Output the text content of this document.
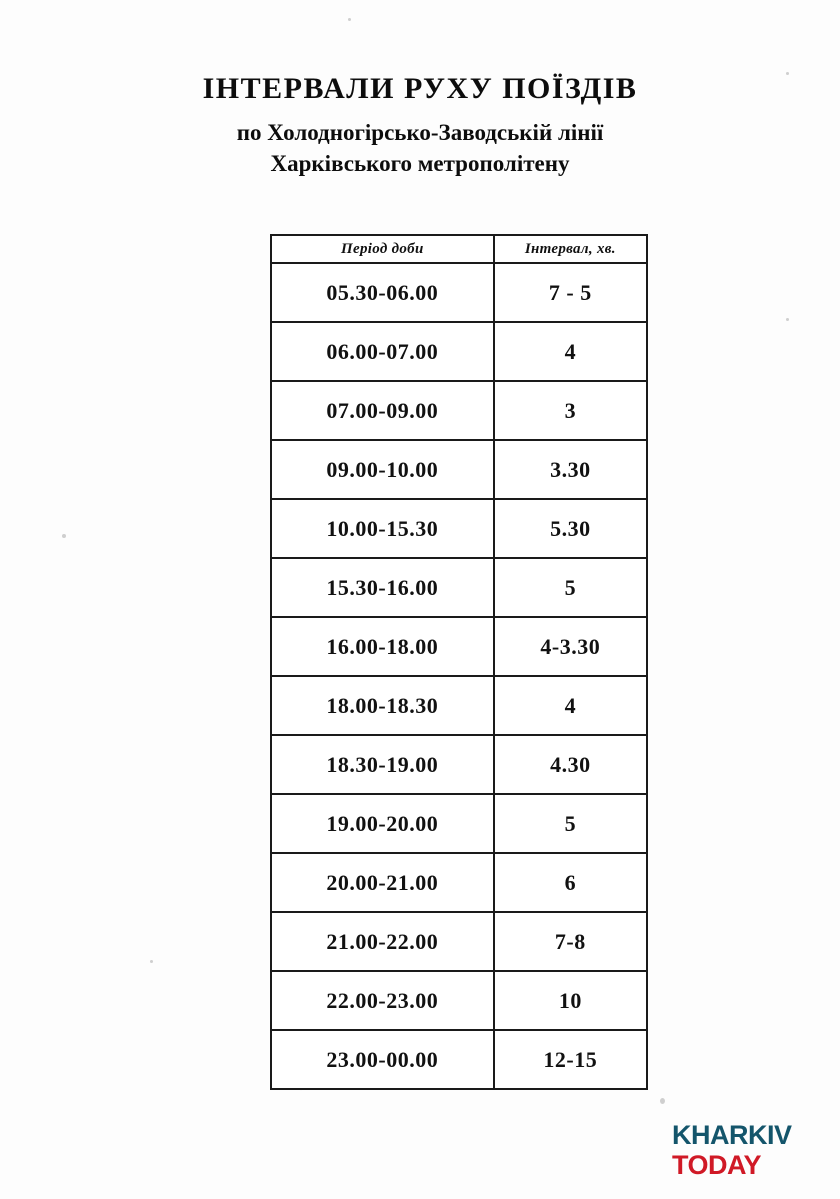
ІНТЕРВАЛИ РУХУ ПОЇЗДІВ
по Холодногірсько-Заводській лінії
Харківського метрополітену
Період доби	Інтервал, хв.
05.30-06.00	7 - 5
06.00-07.00	4
07.00-09.00	3
09.00-10.00	3.30
10.00-15.30	5.30
15.30-16.00	5
16.00-18.00	4-3.30
18.00-18.30	4
18.30-19.00	4.30
19.00-20.00	5
20.00-21.00	6
21.00-22.00	7-8
22.00-23.00	10
23.00-00.00	12-15
KHARKIV
TODAY
